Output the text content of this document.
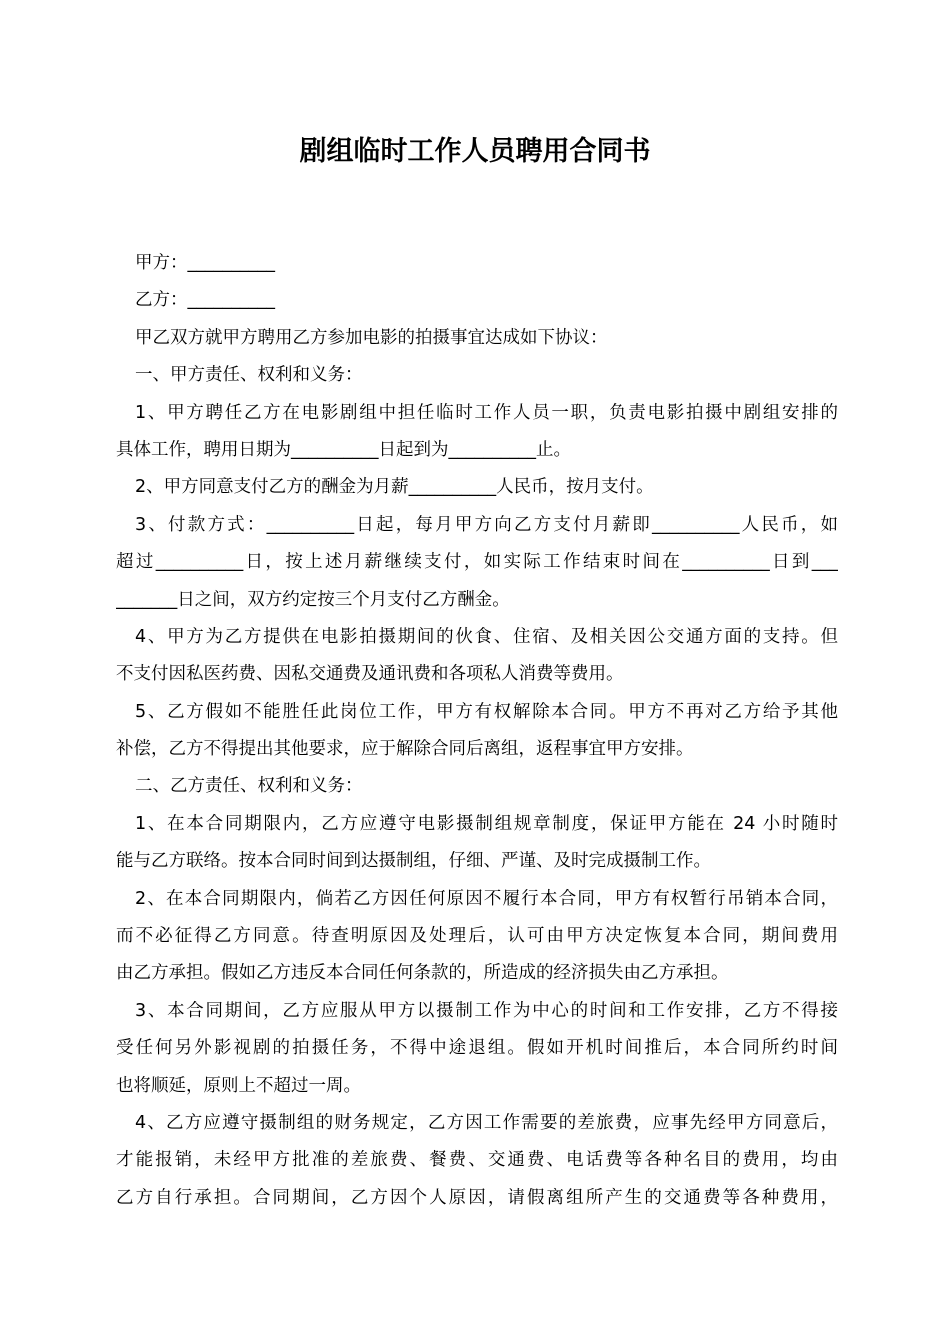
剧组临时工作人员聘用合同书
甲方：__________
乙方：__________
甲乙双方就甲方聘用乙方参加电影的拍摄事宜达成如下协议：
一、甲方责任、权利和义务：
1、甲方聘任乙方在电影剧组中担任临时工作人员一职，负责电影拍摄中剧组安排的
具体工作，聘用日期为__________日起到为__________止。
2、甲方同意支付乙方的酬金为月薪__________人民币，按月支付。
3、付款方式：__________日起，每月甲方向乙方支付月薪即__________人民币，如
超过__________日，按上述月薪继续支付，如实际工作结束时间在__________日到___
_______日之间，双方约定按三个月支付乙方酬金。
4、甲方为乙方提供在电影拍摄期间的伙食、住宿、及相关因公交通方面的支持。但
不支付因私医药费、因私交通费及通讯费和各项私人消费等费用。
5、乙方假如不能胜任此岗位工作，甲方有权解除本合同。甲方不再对乙方给予其他
补偿，乙方不得提出其他要求，应于解除合同后离组，返程事宜甲方安排。
二、乙方责任、权利和义务：
1、在本合同期限内，乙方应遵守电影摄制组规章制度，保证甲方能在 24 小时随时
能与乙方联络。按本合同时间到达摄制组，仔细、严谨、及时完成摄制工作。
2、在本合同期限内，倘若乙方因任何原因不履行本合同，甲方有权暂行吊销本合同，
而不必征得乙方同意。待查明原因及处理后，认可由甲方决定恢复本合同，期间费用
由乙方承担。假如乙方违反本合同任何条款的，所造成的经济损失由乙方承担。
3、本合同期间，乙方应服从甲方以摄制工作为中心的时间和工作安排，乙方不得接
受任何另外影视剧的拍摄任务，不得中途退组。假如开机时间推后，本合同所约时间
也将顺延，原则上不超过一周。
4、乙方应遵守摄制组的财务规定，乙方因工作需要的差旅费，应事先经甲方同意后，
才能报销，未经甲方批准的差旅费、餐费、交通费、电话费等各种名目的费用，均由
乙方自行承担。合同期间，乙方因个人原因，请假离组所产生的交通费等各种费用，
